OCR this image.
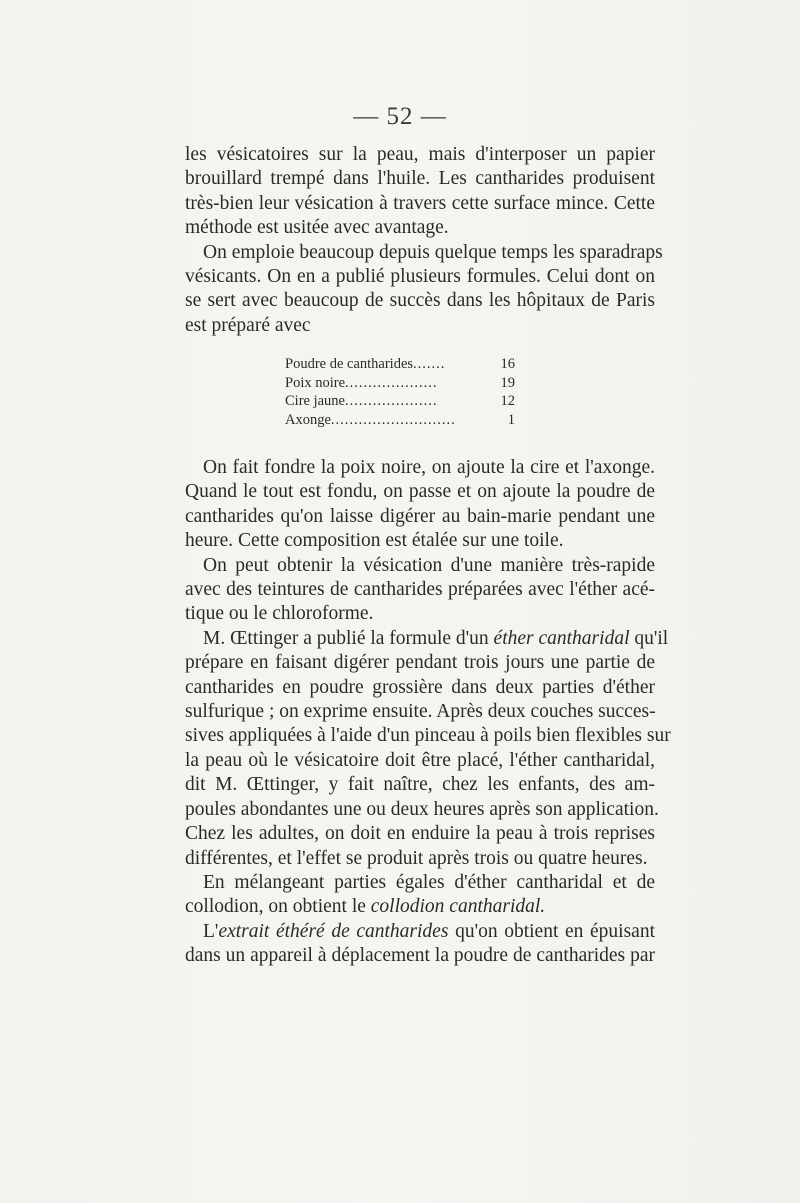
— 52 —
les vésicatoires sur la peau, mais d'interposer un papier
brouillard trempé dans l'huile. Les cantharides produisent
très-bien leur vésication à travers cette surface mince. Cette
méthode est usitée avec avantage.
On emploie beaucoup depuis quelque temps les sparadraps
vésicants. On en a publié plusieurs formules. Celui dont on
se sert avec beaucoup de succès dans les hôpitaux de Paris
est préparé avec
Poudre de cantharides .......	16
Poix noire ....................	19
Cire jaune ....................	12
Axonge ...........................	1
On fait fondre la poix noire, on ajoute la cire et l'axonge.
Quand le tout est fondu, on passe et on ajoute la poudre de
cantharides qu'on laisse digérer au bain-marie pendant une
heure. Cette composition est étalée sur une toile.
On peut obtenir la vésication d'une manière très-rapide
avec des teintures de cantharides préparées avec l'éther acé-
tique ou le chloroforme.
M. Œttinger a publié la formule d'un éther cantharidal qu'il
prépare en faisant digérer pendant trois jours une partie de
cantharides en poudre grossière dans deux parties d'éther
sulfurique ; on exprime ensuite. Après deux couches succes-
sives appliquées à l'aide d'un pinceau à poils bien flexibles sur
la peau où le vésicatoire doit être placé, l'éther cantharidal,
dit M. Œttinger, y fait naître, chez les enfants, des am-
poules abondantes une ou deux heures après son application.
Chez les adultes, on doit en enduire la peau à trois reprises
différentes, et l'effet se produit après trois ou quatre heures.
En mélangeant parties égales d'éther cantharidal et de
collodion, on obtient le collodion cantharidal.
L'extrait éthéré de cantharides qu'on obtient en épuisant
dans un appareil à déplacement la poudre de cantharides par
